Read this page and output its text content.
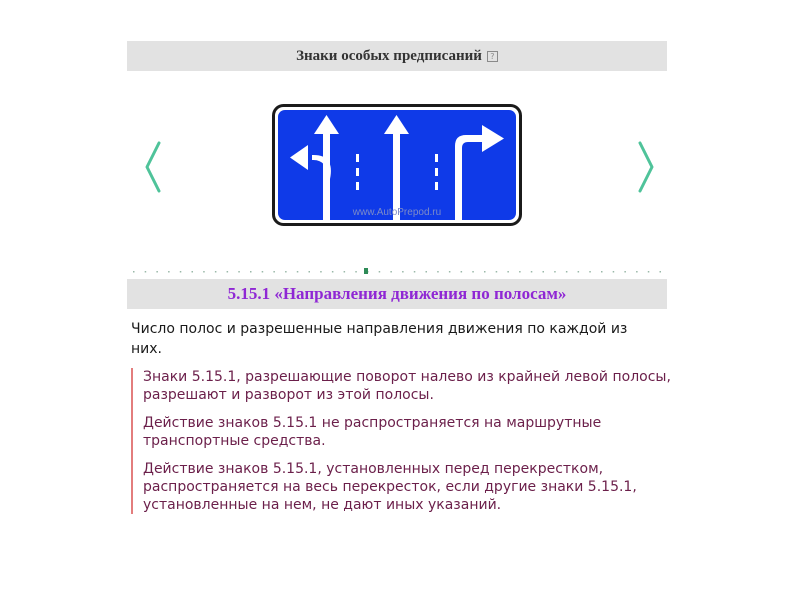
Знаки особых предписаний	?
www.AutoPrepod.ru
5.15.1 «Направления движения по полосам»

Число полос и разрешенные направления движения по каждой из них.

Знаки 5.15.1, разрешающие поворот налево из крайней левой полосы, разрешают и разворот из этой полосы.

Действие знаков 5.15.1 не распространяется на маршрутные транспортные средства.

Действие знаков 5.15.1, установленных перед перекрестком, распространяется на весь перекресток, если другие знаки 5.15.1, установленные на нем, не дают иных указаний.
